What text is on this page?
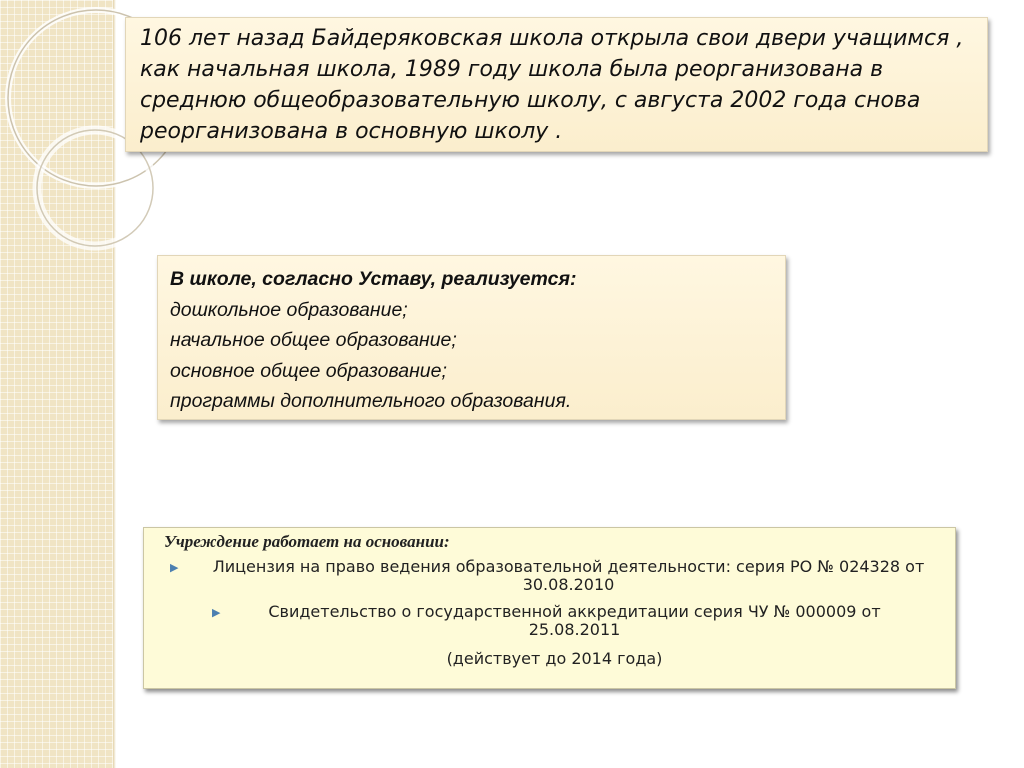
106 лет назад Байдеряковская школа открыла свои двери учащимся , как начальная школа, 1989 году школа была реорганизована в среднюю общеобразовательную школу, с августа 2002 года снова реорганизована в основную школу .

В школе, согласно Уставу, реализуется:
дошкольное образование;
начальное общее образование;
основное общее образование;
программы дополнительного образования.
Учреждение работает на основании:
▶ Лицензия на право ведения образовательной деятельности: серия РО № 024328 от 30.08.2010
▶	Свидетельство о государственной аккредитации серия ЧУ № 000009 от 25.08.2011
(действует до 2014 года)
